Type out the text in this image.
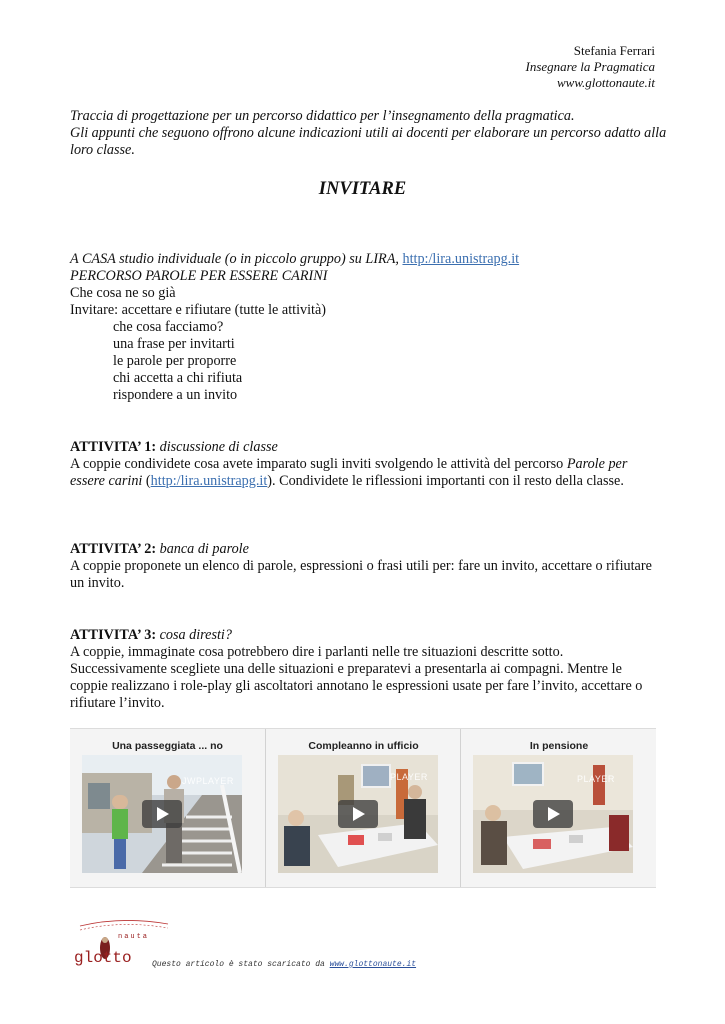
Stefania Ferrari
Insegnare la Pragmatica
www.glottonaute.it
Traccia di progettazione per un percorso didattico per l’insegnamento della pragmatica.
Gli appunti che seguono offrono alcune indicazioni utili ai docenti per elaborare un percorso adatto alla loro classe.
INVITARE
A CASA studio individuale (o in piccolo gruppo) su LIRA, http:/lira.unistrapg.it
PERCORSO PAROLE PER ESSERE CARINI
Che cosa ne so già
Invitare: accettare e rifiutare (tutte le attività)
che cosa facciamo?
una frase per invitarti
le parole per proporre
chi accetta a chi rifiuta
rispondere a un invito
ATTIVITA’ 1: discussione di classe
A coppie condividete cosa avete imparato sugli inviti svolgendo le attività del percorso Parole per essere carini (http:/lira.unistrapg.it). Condividete le riflessioni importanti con il resto della classe.
ATTIVITA’ 2: banca di parole
A coppie proponete un elenco di parole, espressioni o frasi utili per: fare un invito, accettare o rifiutare un invito.
ATTIVITA’ 3: cosa diresti?
A coppie, immaginate cosa potrebbero dire i parlanti nelle tre situazioni descritte sotto. Successivamente scegliete una delle situazioni e preparatevi a presentarla ai compagni. Mentre le coppie realizzano i role-play gli ascoltatori annotano le espressioni usate per fare l’invito, accettare o rifiutare l’invito.
Una passeggiata ... no
JWPLAYER
Compleanno in ufficio
PLAYER
In pensione
PLAYER
glotto
nauta
Questo articolo è stato scaricato da www.glottonaute.it
